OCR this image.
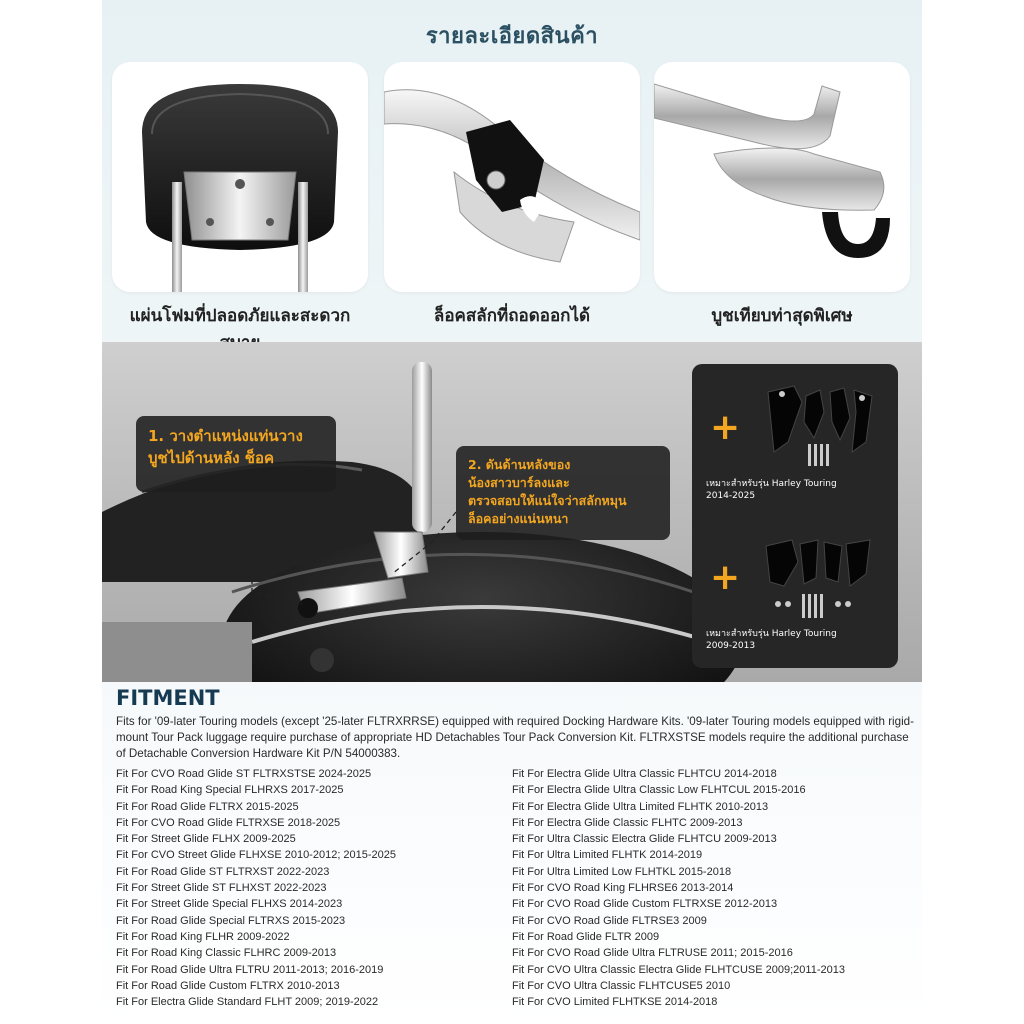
รายละเอียดสินค้า
แผ่นโฟมที่ปลอดภัยและสะดวก	ล็อคสลักที่ถอดออกได้	บูชเทียบท่าสุดพิเศษ
1. วางตำแหน่งแท่นวาง
บูชไปด้านหลัง ช็อค	2. ดันด้านหลังของ
น้องสาวบาร์ลงและ
ตรวจสอบให้แน่ใจว่าสลักหมุน
ล็อคอย่างแน่นหนา
+
เหมาะสำหรับรุ่น Harley Touring
2014-2025
+
เหมาะสำหรับรุ่น Harley Touring
2009-2013
FITMENT
Fits for '09-later Touring models (except '25-later FLTRXRRSE) equipped with required Docking Hardware Kits. '09-later Touring models equipped with rigid-mount Tour Pack luggage require purchase of appropriate HD Detachables Tour Pack Conversion Kit. FLTRXSTSE models require the additional purchase of Detachable Conversion Hardware Kit P/N 54000383.
Fit For CVO Road Glide ST FLTRXSTSE 2024-2025
Fit For Road King Special FLHRXS 2017-2025
Fit For Road Glide FLTRX 2015-2025
Fit For CVO Road Glide FLTRXSE 2018-2025
Fit For Street Glide FLHX 2009-2025
Fit For CVO Street Glide FLHXSE 2010-2012; 2015-2025
Fit For Road Glide ST FLTRXST 2022-2023
Fit For Street Glide ST FLHXST 2022-2023
Fit For Street Glide Special FLHXS 2014-2023
Fit For Road Glide Special FLTRXS 2015-2023
Fit For Road King FLHR 2009-2022
Fit For Road King Classic FLHRC 2009-2013
Fit For Road Glide Ultra FLTRU 2011-2013; 2016-2019
Fit For Road Glide Custom FLTRX 2010-2013
Fit For Electra Glide Standard FLHT 2009; 2019-2022
Fit For Electra Glide Ultra Classic FLHTCU 2014-2018
Fit For Electra Glide Ultra Classic Low FLHTCUL 2015-2016
Fit For Electra Glide Ultra Limited FLHTK 2010-2013
Fit For Electra Glide Classic FLHTC 2009-2013
Fit For Ultra Classic Electra Glide FLHTCU 2009-2013
Fit For Ultra Limited FLHTK 2014-2019
Fit For Ultra Limited Low FLHTKL 2015-2018
Fit For CVO Road King FLHRSE6 2013-2014
Fit For CVO Road Glide Custom FLTRXSE 2012-2013
Fit For CVO Road Glide FLTRSE3 2009
Fit For Road Glide FLTR 2009
Fit For CVO Road Glide Ultra FLTRUSE 2011; 2015-2016
Fit For CVO Ultra Classic Electra Glide FLHTCUSE 2009;2011-2013
Fit For CVO Ultra Classic FLHTCUSE5 2010
Fit For CVO Limited FLHTKSE 2014-2018
